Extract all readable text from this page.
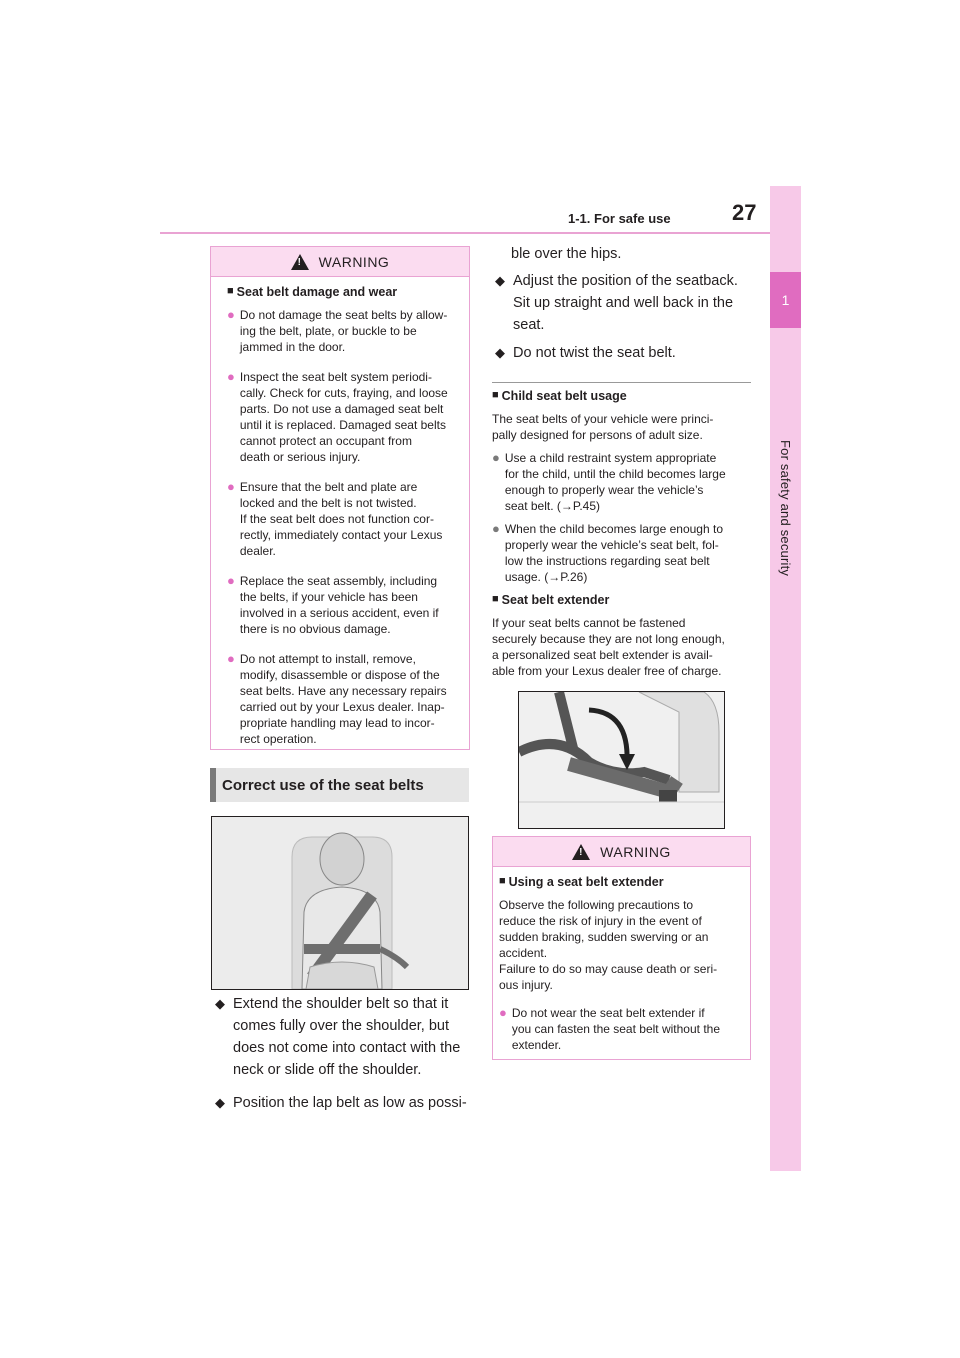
1-1. For safe use	27
1
For safety and security
! WARNING
■ Seat belt damage and wear
● Do not damage the seat belts by allow-
ing the belt, plate, or buckle to be
jammed in the door.
● Inspect the seat belt system periodi-
cally. Check for cuts, fraying, and loose
parts. Do not use a damaged seat belt
until it is replaced. Damaged seat belts
cannot protect an occupant from
death or serious injury.
● Ensure that the belt and plate are
locked and the belt is not twisted.
If the seat belt does not function cor-
rectly, immediately contact your Lexus
dealer.
● Replace the seat assembly, including
the belts, if your vehicle has been
involved in a serious accident, even if
there is no obvious damage.
● Do not attempt to install, remove,
modify, disassemble or dispose of the
seat belts. Have any necessary repairs
carried out by your Lexus dealer. Inap-
propriate handling may lead to incor-
rect operation.
Correct use of the seat belts
◆ Extend the shoulder belt so that it
comes fully over the shoulder, but
does not come into contact with the
neck or slide off the shoulder.
◆ Position the lap belt as low as possi-
ble over the hips.
◆ Adjust the position of the seatback.
Sit up straight and well back in the
seat.
◆ Do not twist the seat belt.
■ Child seat belt usage
The seat belts of your vehicle were princi-
pally designed for persons of adult size.
● Use a child restraint system appropriate
for the child, until the child becomes large
enough to properly wear the vehicle’s
seat belt. (→P.45)
● When the child becomes large enough to
properly wear the vehicle’s seat belt, fol-
low the instructions regarding seat belt
usage. (→P.26)
■ Seat belt extender
If your seat belts cannot be fastened
securely because they are not long enough,
a personalized seat belt extender is avail-
able from your Lexus dealer free of charge.
! WARNING
■ Using a seat belt extender
Observe the following precautions to
reduce the risk of injury in the event of
sudden braking, sudden swerving or an
accident.
Failure to do so may cause death or seri-
ous injury.
● Do not wear the seat belt extender if
you can fasten the seat belt without the
extender.
